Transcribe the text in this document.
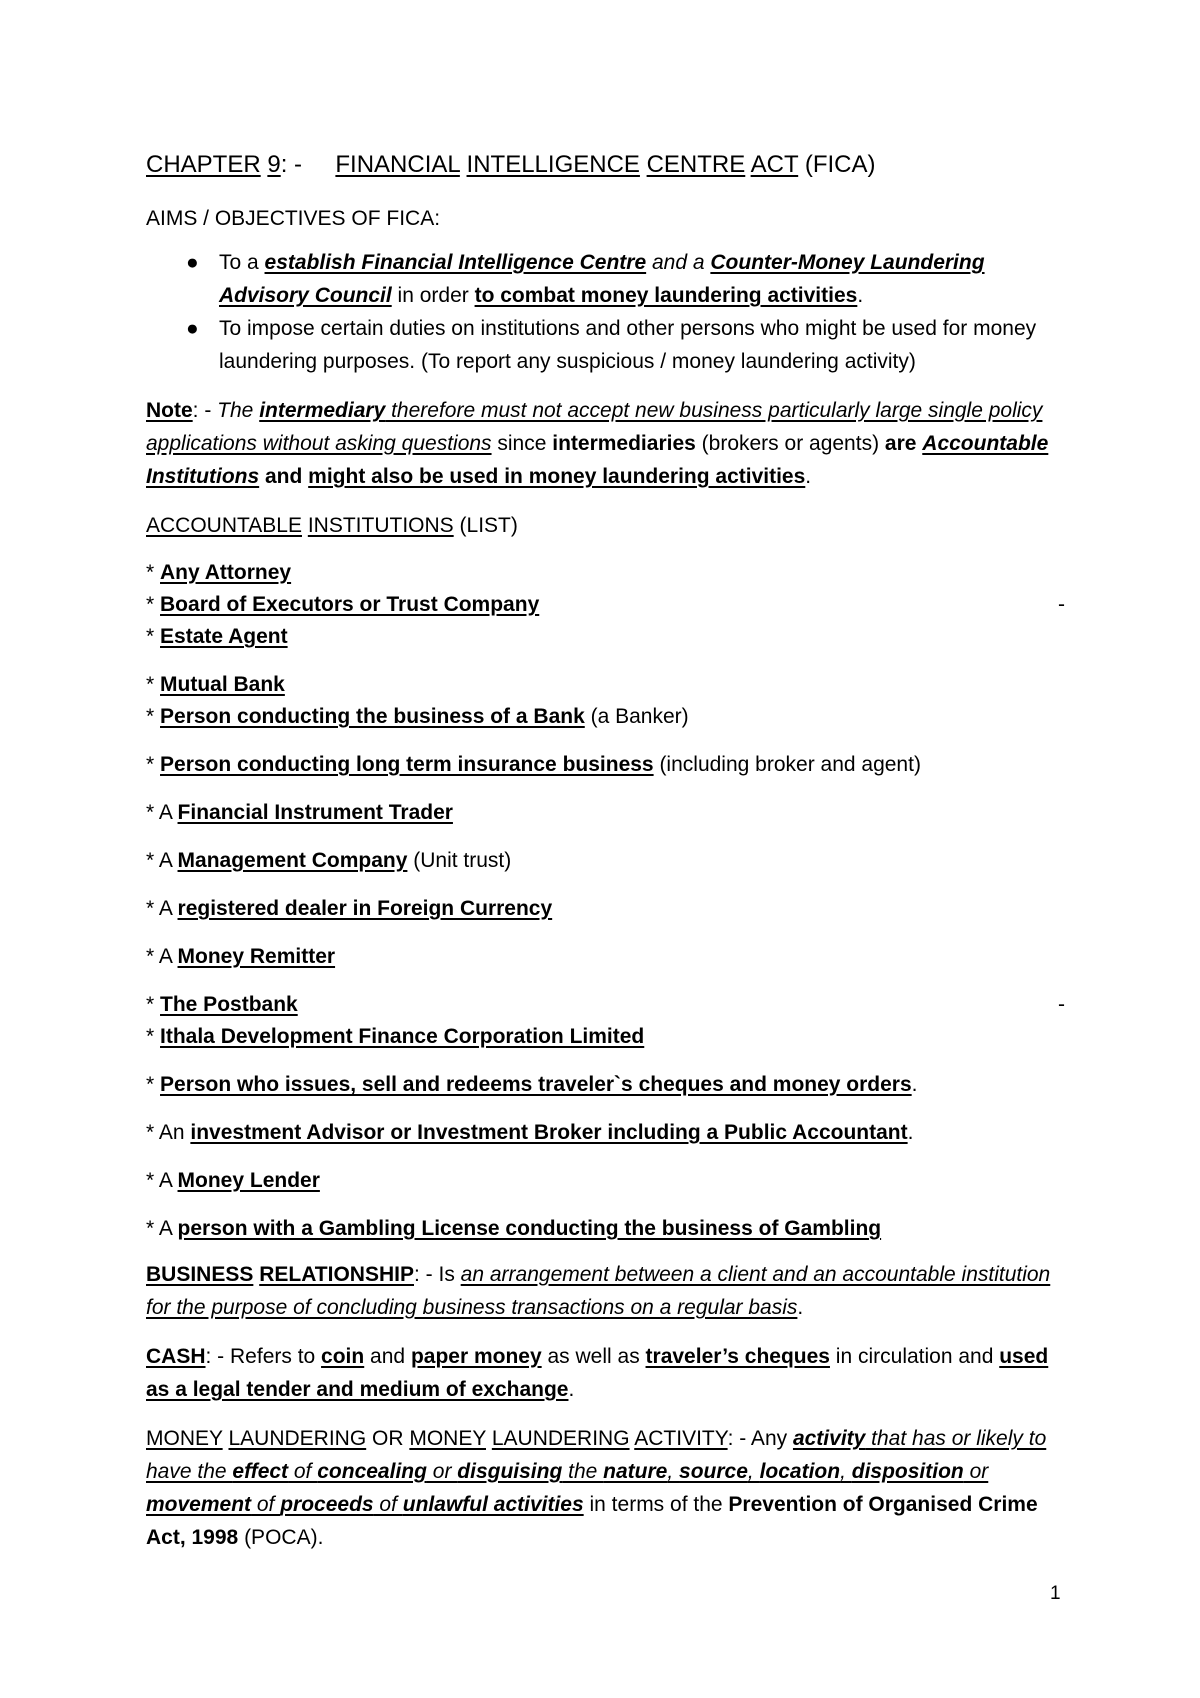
CHAPTER 9: - FINANCIAL INTELLIGENCE CENTRE ACT (FICA)

AIMS / OBJECTIVES OF FICA:

● To a establish Financial Intelligence Centre and a Counter-Money Laundering Advisory Council in order to combat money laundering activities.
● To impose certain duties on institutions and other persons who might be used for money laundering purposes. (To report any suspicious / money laundering activity)

Note: - The intermediary therefore must not accept new business particularly large single policy applications without asking questions since intermediaries (brokers or agents) are Accountable Institutions and might also be used in money laundering activities.

ACCOUNTABLE INSTITUTIONS (LIST)

* Any Attorney

* Board of Executors or Trust Company	-

* Estate Agent

* Mutual Bank

* Person conducting the business of a Bank (a Banker)

* Person conducting long term insurance business (including broker and agent)

* A Financial Instrument Trader

* A Management Company (Unit trust)

* A registered dealer in Foreign Currency

* A Money Remitter

* The Postbank	-

* Ithala Development Finance Corporation Limited

* Person who issues, sell and redeems traveler`s cheques and money orders.

* An investment Advisor or Investment Broker including a Public Accountant.

* A Money Lender

* A person with a Gambling License conducting the business of Gambling

BUSINESS RELATIONSHIP: - Is an arrangement between a client and an accountable institution for the purpose of concluding business transactions on a regular basis.

CASH: - Refers to coin and paper money as well as traveler’s cheques in circulation and used as a legal tender and medium of exchange.

MONEY LAUNDERING OR MONEY LAUNDERING ACTIVITY: - Any activity that has or likely to have the effect of concealing or disguising the nature, source, location, disposition or movement of proceeds of unlawful activities in terms of the Prevention of Organised Crime Act, 1998 (POCA).

1
